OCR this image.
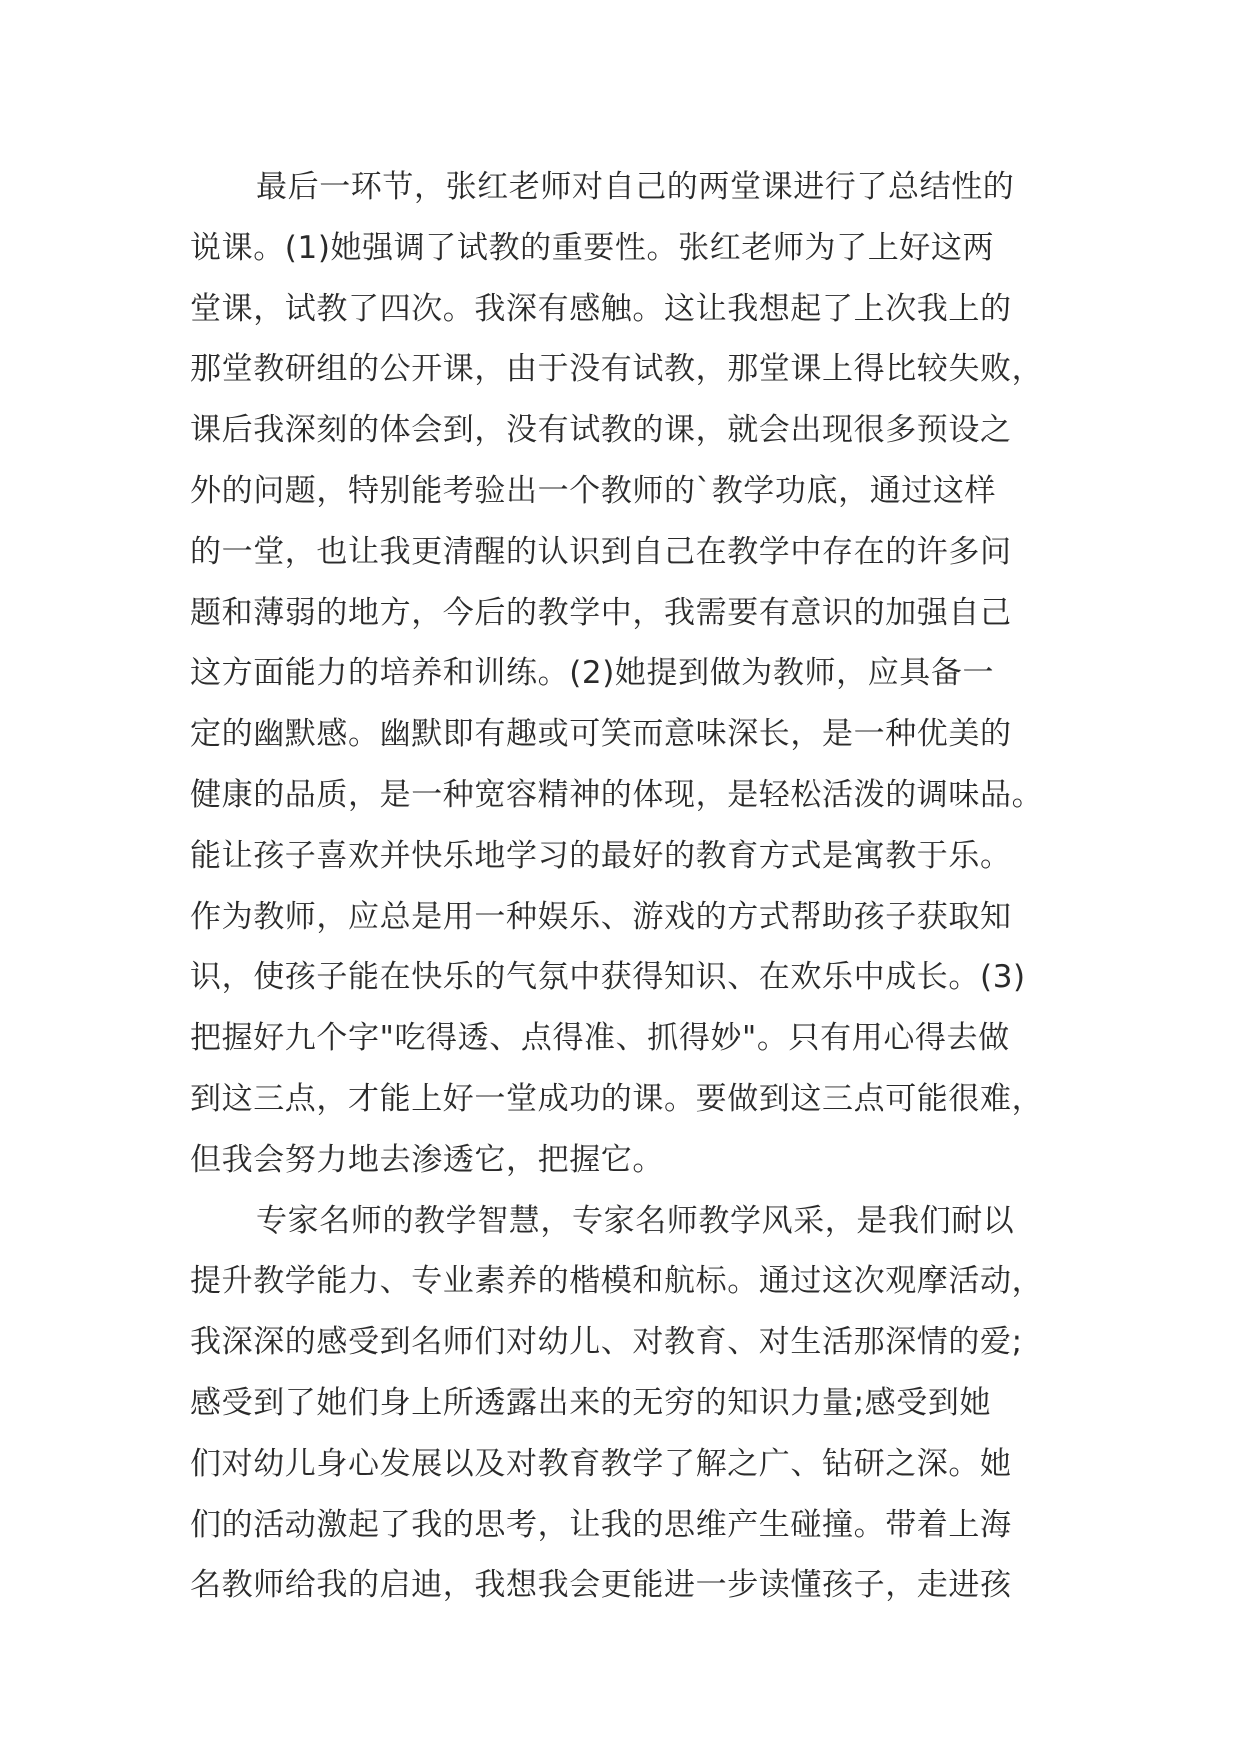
最后一环节，张红老师对自己的两堂课进行了总结性的
说课。(1)她强调了试教的重要性。张红老师为了上好这两
堂课，试教了四次。我深有感触。这让我想起了上次我上的
那堂教研组的公开课，由于没有试教，那堂课上得比较失败，
课后我深刻的体会到，没有试教的课，就会出现很多预设之
外的问题，特别能考验出一个教师的`教学功底，通过这样
的一堂，也让我更清醒的认识到自己在教学中存在的许多问
题和薄弱的地方，今后的教学中，我需要有意识的加强自己
这方面能力的培养和训练。(2)她提到做为教师，应具备一
定的幽默感。幽默即有趣或可笑而意味深长，是一种优美的
健康的品质，是一种宽容精神的体现，是轻松活泼的调味品。
能让孩子喜欢并快乐地学习的最好的教育方式是寓教于乐。
作为教师，应总是用一种娱乐、游戏的方式帮助孩子获取知
识，使孩子能在快乐的气氛中获得知识、在欢乐中成长。(3)
把握好九个字"吃得透、点得准、抓得妙"。只有用心得去做
到这三点，才能上好一堂成功的课。要做到这三点可能很难，
但我会努力地去渗透它，把握它。
专家名师的教学智慧，专家名师教学风采，是我们耐以
提升教学能力、专业素养的楷模和航标。通过这次观摩活动，
我深深的感受到名师们对幼儿、对教育、对生活那深情的爱;
感受到了她们身上所透露出来的无穷的知识力量;感受到她
们对幼儿身心发展以及对教育教学了解之广、钻研之深。她
们的活动激起了我的思考，让我的思维产生碰撞。带着上海
名教师给我的启迪，我想我会更能进一步读懂孩子，走进孩
